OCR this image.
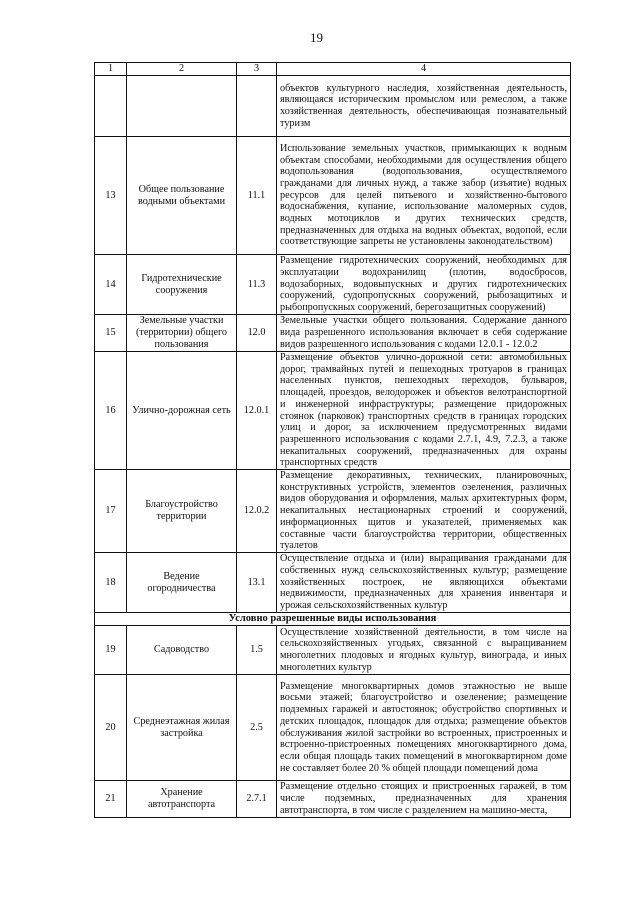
19
1	2	3	4
			объектов культурного наследия, хозяйственная деятельность, являющаяся историческим промыслом или ремеслом, а также хозяйственная деятельность, обеспечивающая познавательный туризм
13	Общее пользование водными объектами	11.1	Использование земельных участков, примыкающих к водным объектам способами, необходимыми для осуществления общего водопользования (водопользования, осуществляемого гражданами для личных нужд, а также забор (изъятие) водных ресурсов для целей питьевого и хозяйственно-бытового водоснабжения, купание, использование маломерных судов, водных мотоциклов и других технических средств, предназначенных для отдыха на водных объектах, водопой, если соответствующие запреты не установлены законодательством)
14	Гидротехнические сооружения	11.3	Размещение гидротехнических сооружений, необходимых для эксплуатации водохранилищ (плотин, водосбросов, водозаборных, водовыпускных и других гидротехнических сооружений, судопропускных сооружений, рыбозащитных и рыбопропускных сооружений, берегозащитных сооружений)
15	Земельные участки (территории) общего пользования	12.0	Земельные участки общего пользования. Содержание данного вида разрешенного использования включает в себя содержание видов разрешенного использования с кодами 12.0.1 - 12.0.2
16	Улично-дорожная сеть	12.0.1	Размещение объектов улично-дорожной сети: автомобильных дорог, трамвайных путей и пешеходных тротуаров в границах населенных пунктов, пешеходных переходов, бульваров, площадей, проездов, велодорожек и объектов велотранспортной и инженерной инфраструктуры; размещение придорожных стоянок (парковок) транспортных средств в границах городских улиц и дорог, за исключением предусмотренных видами разрешенного использования с кодами 2.7.1, 4.9, 7.2.3, а также некапитальных сооружений, предназначенных для охраны транспортных средств
17	Благоустройство территории	12.0.2	Размещение декоративных, технических, планировочных, конструктивных устройств, элементов озеленения, различных видов оборудования и оформления, малых архитектурных форм, некапитальных нестационарных строений и сооружений, информационных щитов и указателей, применяемых как составные части благоустройства территории, общественных туалетов
18	Ведение огородничества	13.1	Осуществление отдыха и (или) выращивания гражданами для собственных нужд сельскохозяйственных культур; размещение хозяйственных построек, не являющихся объектами недвижимости, предназначенных для хранения инвентаря и урожая сельскохозяйственных культур
Условно разрешенные виды использования			
19	Садоводство	1.5	Осуществление хозяйственной деятельности, в том числе на сельскохозяйственных угодьях, связанной с выращиванием многолетних плодовых и ягодных культур, винограда, и иных многолетних культур
20	Среднеэтажная жилая застройка	2.5	Размещение многоквартирных домов этажностью не выше восьми этажей; благоустройство и озеленение; размещение подземных гаражей и автостоянок; обустройство спортивных и детских площадок, площадок для отдыха; размещение объектов обслуживания жилой застройки во встроенных, пристроенных и встроенно-пристроенных помещениях многоквартирного дома, если общая площадь таких помещений в многоквартирном доме не составляет более 20 % общей площади помещений дома
21	Хранение автотранспорта	2.7.1	Размещение отдельно стоящих и пристроенных гаражей, в том числе подземных, предназначенных для хранения автотранспорта, в том числе с разделением на машино-места,
